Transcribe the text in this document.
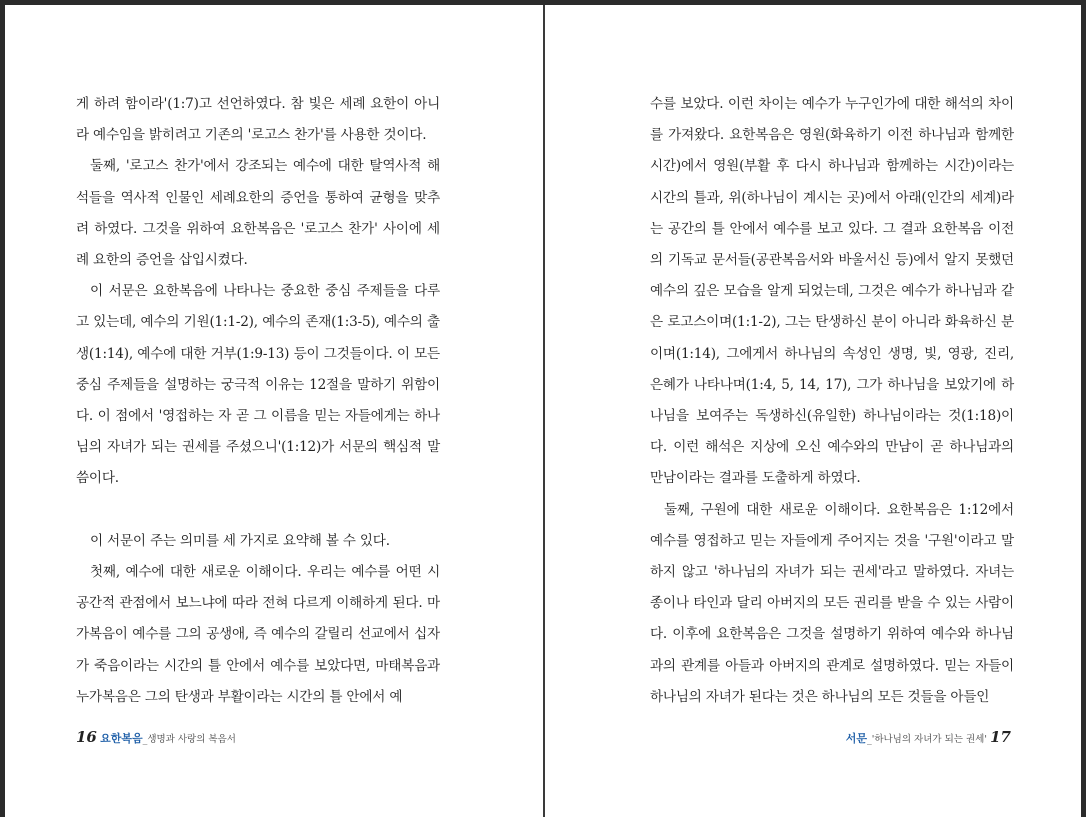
게 하려 함이라'(1:7)고 선언하였다. 참 빛은 세례 요한이 아니라 예수임을 밝히려고 기존의 '로고스 찬가'를 사용한 것이다.

둘째, '로고스 찬가'에서 강조되는 예수에 대한 탈역사적 해석들을 역사적 인물인 세례요한의 증언을 통하여 균형을 맞추려 하였다. 그것을 위하여 요한복음은 '로고스 찬가' 사이에 세례 요한의 증언을 삽입시켰다.

이 서문은 요한복음에 나타나는 중요한 중심 주제들을 다루고 있는데, 예수의 기원(1:1-2), 예수의 존재(1:3-5), 예수의 출생(1:14), 예수에 대한 거부(1:9-13) 등이 그것들이다. 이 모든 중심 주제들을 설명하는 궁극적 이유는 12절을 말하기 위함이다. 이 점에서 '영접하는 자 곧 그 이름을 믿는 자들에게는 하나님의 자녀가 되는 권세를 주셨으니'(1:12)가 서문의 핵심적 말씀이다.

이 서문이 주는 의미를 세 가지로 요약해 볼 수 있다.

첫째, 예수에 대한 새로운 이해이다. 우리는 예수를 어떤 시공간적 관점에서 보느냐에 따라 전혀 다르게 이해하게 된다. 마가복음이 예수를 그의 공생애, 즉 예수의 갈릴리 선교에서 십자가 죽음이라는 시간의 틀 안에서 예수를 보았다면, 마태복음과 누가복음은 그의 탄생과 부활이라는 시간의 틀 안에서 예

16 요한복음_생명과 사랑의 복음서

수를 보았다. 이런 차이는 예수가 누구인가에 대한 해석의 차이를 가져왔다. 요한복음은 영원(화육하기 이전 하나님과 함께한 시간)에서 영원(부활 후 다시 하나님과 함께하는 시간)이라는 시간의 틀과, 위(하나님이 계시는 곳)에서 아래(인간의 세계)라는 공간의 틀 안에서 예수를 보고 있다. 그 결과 요한복음 이전의 기독교 문서들(공관복음서와 바울서신 등)에서 알지 못했던 예수의 깊은 모습을 알게 되었는데, 그것은 예수가 하나님과 같은 로고스이며(1:1-2), 그는 탄생하신 분이 아니라 화육하신 분이며(1:14), 그에게서 하나님의 속성인 생명, 빛, 영광, 진리, 은혜가 나타나며(1:4, 5, 14, 17), 그가 하나님을 보았기에 하나님을 보여주는 독생하신(유일한) 하나님이라는 것(1:18)이다. 이런 해석은 지상에 오신 예수와의 만남이 곧 하나님과의 만남이라는 결과를 도출하게 하였다.

둘째, 구원에 대한 새로운 이해이다. 요한복음은 1:12에서 예수를 영접하고 믿는 자들에게 주어지는 것을 '구원'이라고 말하지 않고 '하나님의 자녀가 되는 권세'라고 말하였다. 자녀는 종이나 타인과 달리 아버지의 모든 권리를 받을 수 있는 사람이다. 이후에 요한복음은 그것을 설명하기 위하여 예수와 하나님과의 관계를 아들과 아버지의 관계로 설명하였다. 믿는 자들이 하나님의 자녀가 된다는 것은 하나님의 모든 것들을 아들인

서문_'하나님의 자녀가 되는 권세' 17
